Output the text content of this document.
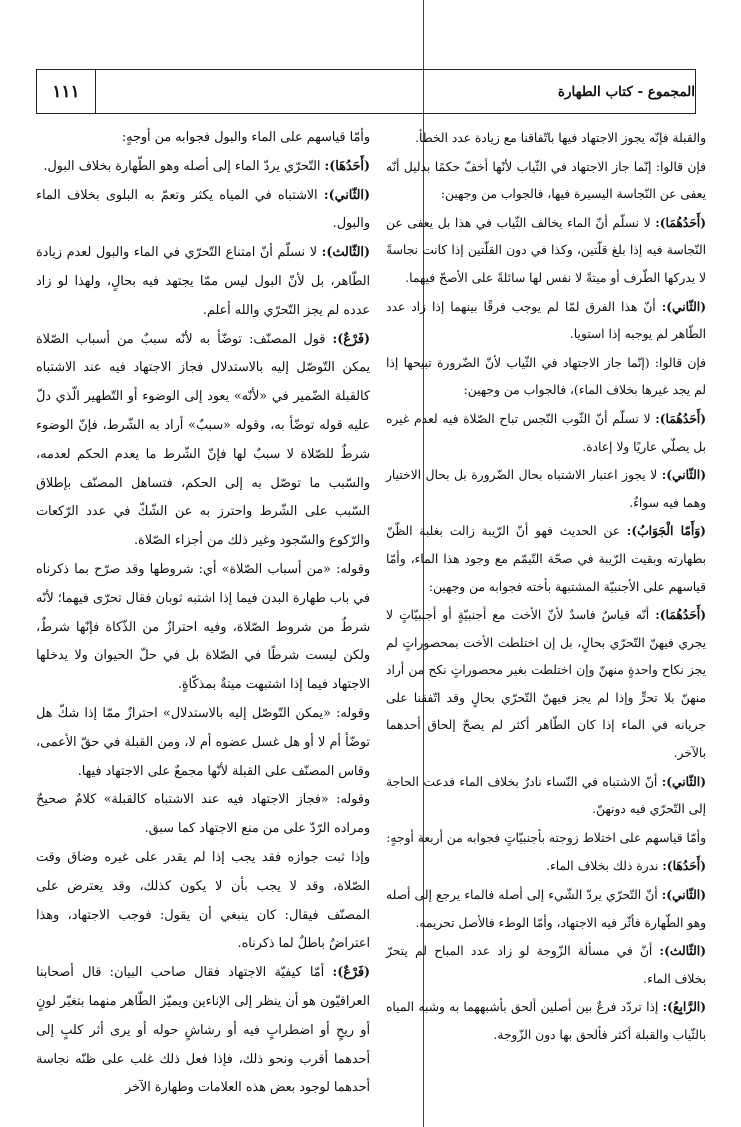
١١١	المجموع - كتاب الطهارة

والقبلة فإنّه يجوز الاجتهاد فيها باتّفاقنا مع زيادة عدد الخطأ.

فإن قالوا: إنّما جاز الاجتهاد في الثّياب لأنّها أخفّ حكمًا بدليل أنّه يعفى عن النّجاسة اليسيرة فيها، فالجواب من وجهين:

(أَحَدُهُمَا): لا نسلّم أنّ الماء يخالف الثّياب في هذا بل يعفى عن النّجاسة فيه إذا بلغ قلّتين، وكذا في دون القلّتين إذا كانت نجاسةً لا يدركها الطّرف أو ميتةً لا نفس لها سائلةً على الأصحّ فيهما.

(الثّاني): أنّ هذا الفرق لمّا لم يوجب فرقًا بينهما إذا زاد عدد الطّاهر لم يوجبه إذا استويا.

فإن قالوا: (إنّما جاز الاجتهاد في الثّياب لأنّ الضّرورة تبيحها إذا لم يجد غيرها بخلاف الماء)، فالجواب من وجهين:

(أَحَدُهُمَا): لا نسلّم أنّ الثّوب النّجس تباح الصّلاة فيه لعدم غيره بل يصلّي عاريًا ولا إعادة.

(الثّاني): لا يجوز اعتبار الاشتباه بحال الضّرورة بل بحال الاختيار وهما فيه سواءٌ.

(وَأَمّا الْجَوَابُ): عن الحديث فهو أنّ الرّيبة زالت بغلبة الظّنّ بطهارته وبقيت الرّيبة في صحّة التّيمّم مع وجود هذا الماء، وأمّا قياسهم على الأجنبيّة المشتبهة بأخته فجوابه من وجهين:

(أَحَدُهُمَا): أنّه قياسٌ فاسدٌ لأنّ الأخت مع أجنبيّةٍ أو أجنبيّاتٍ لا يجري فيهنّ التّحرّي بحالٍ، بل إن اختلطت الأخت بمحصوراتٍ لم يجز نكاح واحدةٍ منهنّ وإن اختلطت بغير محصوراتٍ نكح من أراد منهنّ بلا تحرٍّ وإذا لم يجز فيهنّ التّحرّي بحالٍ وقد اتّفقنا على جريانه في الماء إذا كان الطّاهر أكثر لم يصحّ إلحاق أحدهما بالآخر.

(الثّاني): أنّ الاشتباه في النّساء نادرٌ بخلاف الماء فدعت الحاجة إلى التّحرّي فيه دونهنّ.

وأمّا قياسهم على اختلاط زوجته بأجنبيّاتٍ فجوابه من أربعة أوجهٍ:

(أَحَدُهَا): ندرة ذلك بخلاف الماء.

(الثّاني): أنّ التّحرّي يردّ الشّيء إلى أصله فالماء يرجع إلى أصله وهو الطّهارة فأثّر فيه الاجتهاد، وأمّا الوطء فالأصل تحريمه.

(الثّالث): أنّ في مسألة الزّوجة لو زاد عدد المباح لم يتحرّ بخلاف الماء.

(الرَّابِعُ): إذا تردّد فرعٌ بين أصلين ألحق بأشبههما به وشبه المياه بالثّياب والقبلة أكثر فألحق بها دون الزّوجة.

وأمّا قياسهم على الماء والبول فجوابه من أوجهٍ:

(أَحَدُهَا): التّحرّي يردّ الماء إلى أصله وهو الطّهارة بخلاف البول.

(الثّاني): الاشتباه في المياه يكثر وتعمّ به البلوى بخلاف الماء والبول.

(الثّالث): لا نسلّم أنّ امتناع التّحرّي في الماء والبول لعدم زيادة الطّاهر، بل لأنّ البول ليس ممّا يجتهد فيه بحالٍ، ولهذا لو زاد عدده لم يجز التّحرّي والله أعلم.

(فَرْعٌ): قول المصنّف: توضّأ به لأنّه سببٌ من أسباب الصّلاة يمكن التّوصّل إليه بالاستدلال فجاز الاجتهاد فيه عند الاشتباه كالقبلة الضّمير في «لأنّه» يعود إلى الوضوء أو التّطهير الّذي دلّ عليه قوله توضّأ به، وقوله «سببٌ» أراد به الشّرط، فإنّ الوضوء شرطٌ للصّلاة لا سببٌ لها فإنّ الشّرط ما يعدم الحكم لعدمه، والسّبب ما توصّل به إلى الحكم، فتساهل المصنّف بإطلاق السّبب على الشّرط واحترز به عن الشّكّ في عدد الرّكعات والرّكوع والسّجود وغير ذلك من أجزاء الصّلاة.

وقوله: «من أسباب الصّلاة» أي: شروطها وقد صرّح بما ذكرناه في باب طهارة البدن فيما إذا اشتبه ثوبان فقال تحرّى فيهما؛ لأنّه شرطٌ من شروط الصّلاة، وفيه احترازٌ من الذّكاة فإنّها شرطٌ، ولكن ليست شرطًا في الصّلاة بل في حلّ الحيوان ولا يدخلها الاجتهاد فيما إذا اشتبهت ميتةٌ بمذكّاةٍ.

وقوله: «يمكن التّوصّل إليه بالاستدلال» احترازٌ ممّا إذا شكّ هل توضّأ أم لا أو هل غسل عضوه أم لا، ومن القبلة في حقّ الأعمى، وقاس المصنّف على القبلة لأنّها مجمعٌ على الاجتهاد فيها.

وقوله: «فجاز الاجتهاد فيه عند الاشتباه كالقبلة» كلامٌ صحيحٌ ومراده الرّدّ على من منع الاجتهاد كما سبق.

وإذا ثبت جوازه فقد يجب إذا لم يقدر على غيره وضاق وقت الصّلاة، وقد لا يجب بأن لا يكون كذلك، وقد يعترض على المصنّف فيقال: كان ينبغي أن يقول: فوجب الاجتهاد، وهذا اعتراضٌ باطلٌ لما ذكرناه.

(فَرْعٌ): أمّا كيفيّة الاجتهاد فقال صاحب البيان: قال أصحابنا العراقيّون هو أن ينظر إلى الإناءين ويميّز الطّاهر منهما بتغيّر لونٍ أو ريحٍ أو اضطرابٍ فيه أو رشاشٍ حوله أو يرى أثر كلبٍ إلى أحدهما أقرب ونحو ذلك، فإذا فعل ذلك غلب على ظنّه نجاسة أحدهما لوجود بعض هذه العلامات وطهارة الآخر
